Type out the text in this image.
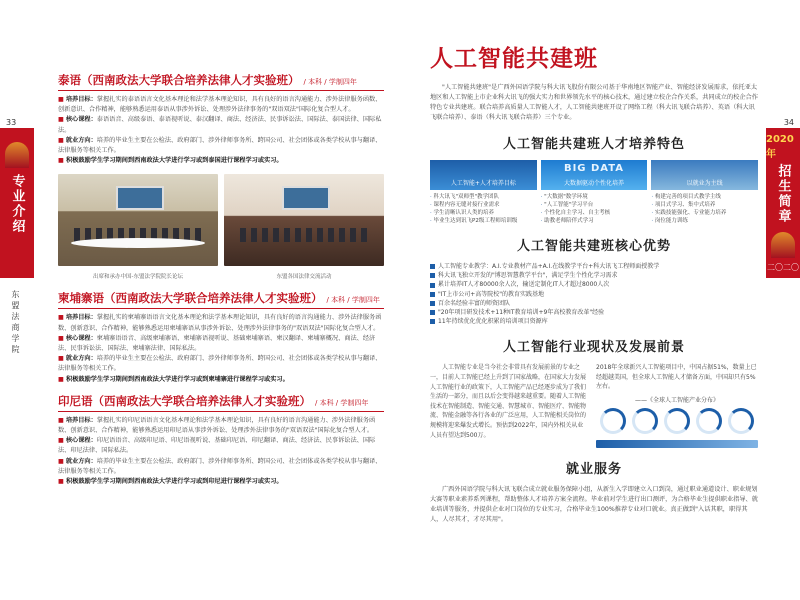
33
专业介绍
东盟法商学院
泰语（西南政法大学联合培养法律人才实验班） / 本科 / 学制四年

■ 培养目标：掌握扎实的泰语语言文化基本理论和法学基本理论知识，具有良好的语言沟通能力、涉外法律服务函数、创新意识、合作精神，能够熟悉运用泰语从事涉外诉讼、处理涉外法律事务的"双语双法"国际化复合型人才。

■ 核心课程：泰语语音、高级泰语、泰语视听说、泰汉翻译、商法、经济法、民事诉讼法、国际法、泰国法律、国际私法。

■ 就业方向：培养的毕业生主要在公检法、政府部门、涉外律师事务所、跨国公司、社会团体或各类学校从事与翻译、法律服务等相关工作。

■ 积极鼓励学生学习期间到西南政法大学进行学习或到泰国进行课程学习或实习。

出席和承办中国-东盟法学院院长论坛	东盟各国法律交流活动
柬埔寨语（西南政法大学联合培养法律人才实验班） / 本科 / 学制四年

■ 培养目标：掌握扎实的柬埔寨语语言文化基本理论和法学基本理论知识，具有良好的语言沟通能力、涉外法律服务函数、创新意识、合作精神，能够熟悉运用柬埔寨语从事涉外诉讼、处理涉外法律事务的"双语双法"国际化复合型人才。

■ 核心课程：柬埔寨语语音、高级柬埔寨语、柬埔寨语视听说、基础柬埔寨语、柬汉翻译、柬埔寨概况、商法、经济法、民事诉讼法、国际法、柬埔寨法律、国际私法。

■ 就业方向：培养的毕业生主要在公检法、政府部门、涉外律师事务所、跨国公司、社会团体或各类学校从事与翻译、法律服务等相关工作。

■ 积极鼓励学生学习期间到西南政法大学进行学习或到柬埔寨进行课程学习或实习。

印尼语（西南政法大学联合培养法律人才实验班） / 本科 / 学制四年

■ 培养目标：掌握扎实的印尼语语言文化基本理论和法学基本理论知识，具有良好的语言沟通能力、涉外法律服务函数、创新意识、合作精神，能够熟悉运用印尼语从事涉外诉讼、处理涉外法律事务的"双语双法"国际化复合型人才。

■ 核心课程：印尼语语音、高级印尼语、印尼语视听说、基础印尼语、印尼翻译、商法、经济法、民事诉讼法、国际法、印尼法律、国际私法。

■ 就业方向：培养的毕业生主要在公检法、政府部门、涉外律师事务所、跨国公司、社会团体或各类学校从事与翻译、法律服务等相关工作。

■ 积极鼓励学生学习期间到西南政法大学进行学习或到印尼进行课程学习或实习。

34
2020年
招生简章
二〇二〇
人工智能共建班

"人工智能共建班"是广西外国语学院与科大讯飞股份有限公司基于华南地区智能产业、智能经济发展需求，依托亚太地区和人工智能上市企业科大讯飞的强大实力和世界领先水平的核心技术，通过建立校企合作关系，共同成立的校企合作特色专业共建班。联合培养高质量人工智能人才，人工智能共建班开设了网络工程（科大讯飞联合培养）、英语（科大讯飞联合培养）、泰语（科大讯飞联合培养）三个专业。

人工智能共建班人才培养特色
人工智能+人才培养目标
· 科大讯飞"双师型"教学团队
· 课程内容无缝对接行业需求
· 学生清晰认识人类的培养
· 毕业生达到讯飞P2级工程师培训级
BIG DATA
大数据驱动个性化培养
· "大数据"数学环境
· "人工智能"学习平台
· 个性化自主学习、自主考核
· 助教老师陪伴式学习
以就业为主线
· 构建完善的项目式教学主线
· 项目式学习、集中式培养
· 实践技能强化、专业能力培养
· 岗位能力训练
人工智能共建班核心优势
人工智能专业教学：A.I.专业教材产品+A.I.在线教学平台+科大讯飞工程师面授教学
科大讯飞独立开发的"博思智慧教学平台"，满足学生个性化学习需求
累计培养IT人才80000余人次，输送定制化IT人才超过8000人次
"IT上市公司+高等院校"的教育实践基地
百余名经验丰富的师资团队
"20年项目研发技术+11种IT教育培训+9年高校教育改革"经验
11年持续优化优化积累的培训项目资源库
人工智能行业现状及发展前景

人工智能专业是当今社会非常具有发展前景的专业之一，目前人工智能已经上升到了国家战略，在国家大力发展人工智能行业的政策下，人工智能产品已经逐步成为了我们生活的一部分，而且以后会变得越来越重要。随着人工智能技术在智能制造、智能交通、智慧城市、智能医疗、智能物流、智能金融等各行各业的广泛应用，人工智能相关岗位的规模将迎来爆发式增长。预估到2022年，国内外相关从业人员有望达到500万。

2018年全球新兴人工智能项目中，中国占据51%，数量上已经超越美国，但全球人工智能人才储备方面，中国却只有5%左右。

——《全球人工智能产业分布》
就业服务

广西外国语学院与科大讯飞联合成立就业服务保障小组，从新生入学即建立入口到岗，通过职业通道设计、职业规划大赛等职业素养系列课程，帮助整体人才培养方案全流程。毕业前对学生进行出口测评，为合格毕业生提供职业指导、就业培训等服务，并提供企业对口岗位的专业实习，合格毕业生100%推荐专业对口就业。真正做到"入话其职，职得其人，人尽其才，才尽其用"。
